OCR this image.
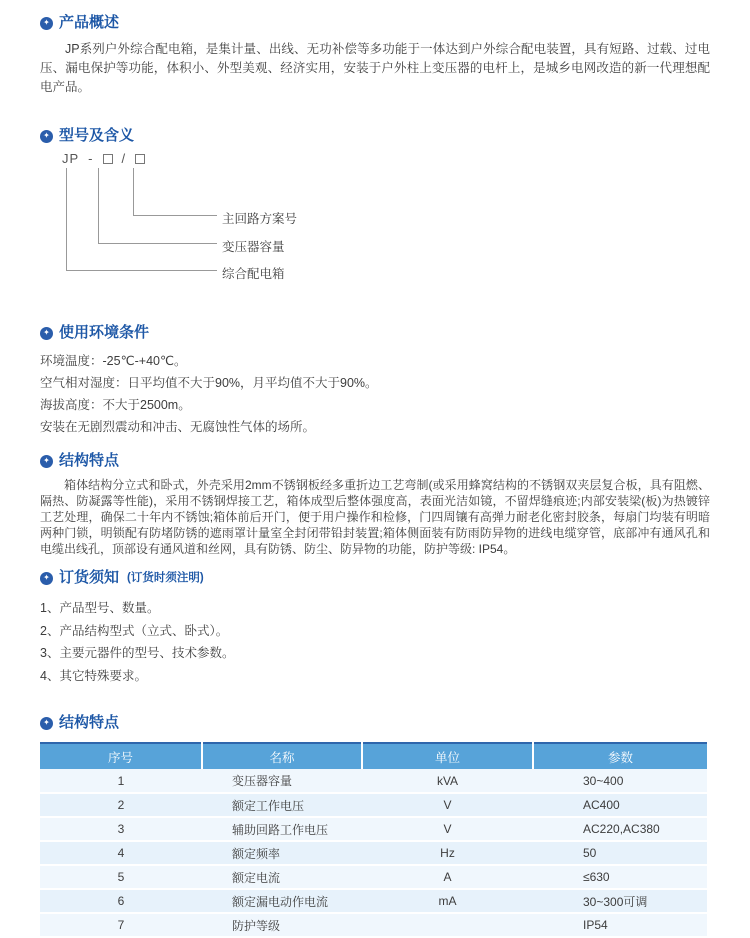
✦ 产品概述

JP系列户外综合配电箱，是集计量、出线、无功补偿等多功能于一体达到户外综合配电装置，具有短路、过载、过电压、漏电保护等功能，体积小、外型美观、经济实用，安装于户外柱上变压器的电杆上，是城乡电网改造的新一代理想配电产品。

✦ 型号及含义
JP - /
主回路方案号
变压器容量
综合配电箱
✦ 使用环境条件
环境温度：-25℃-+40℃。
空气相对湿度：日平均值不大于90%，月平均值不大于90%。
海拔高度：不大于2500m。
安装在无剧烈震动和冲击、无腐蚀性气体的场所。
✦ 结构特点

箱体结构分立式和卧式，外壳采用2mm不锈钢板经多重折边工艺弯制(或采用蜂窝结构的不锈钢双夹层复合板，具有阻燃、隔热、防凝露等性能)，采用不锈钢焊接工艺，箱体成型后整体强度高，表面光洁如镜，不留焊缝痕迹;内部安装梁(板)为热镀锌工艺处理，确保二十年内不锈蚀;箱体前后开门，便于用户操作和检修，门四周镶有高弹力耐老化密封胶条，每扇门均装有明暗两种门锁，明锁配有防堵防锈的遮雨罩计量室全封闭带铅封装置;箱体侧面装有防雨防异物的进线电缆穿管，底部冲有通风孔和电缆出线孔，顶部设有通风道和丝网，具有防锈、防尘、防异物的功能，防护等级: IP54。

✦ 订货须知 (订货时须注明)
1、产品型号、数量。
2、产品结构型式（立式、卧式）。
3、主要元器件的型号、技术参数。
4、其它特殊要求。
✦ 结构特点
序号	名称	单位	参数
1	变压器容量	kVA	30~400
2	额定工作电压	V	AC400
3	辅助回路工作电压	V	AC220,AC380
4	额定频率	Hz	50
5	额定电流	A	≤630
6	额定漏电动作电流	mA	30~300可调
7	防护等级		IP54
